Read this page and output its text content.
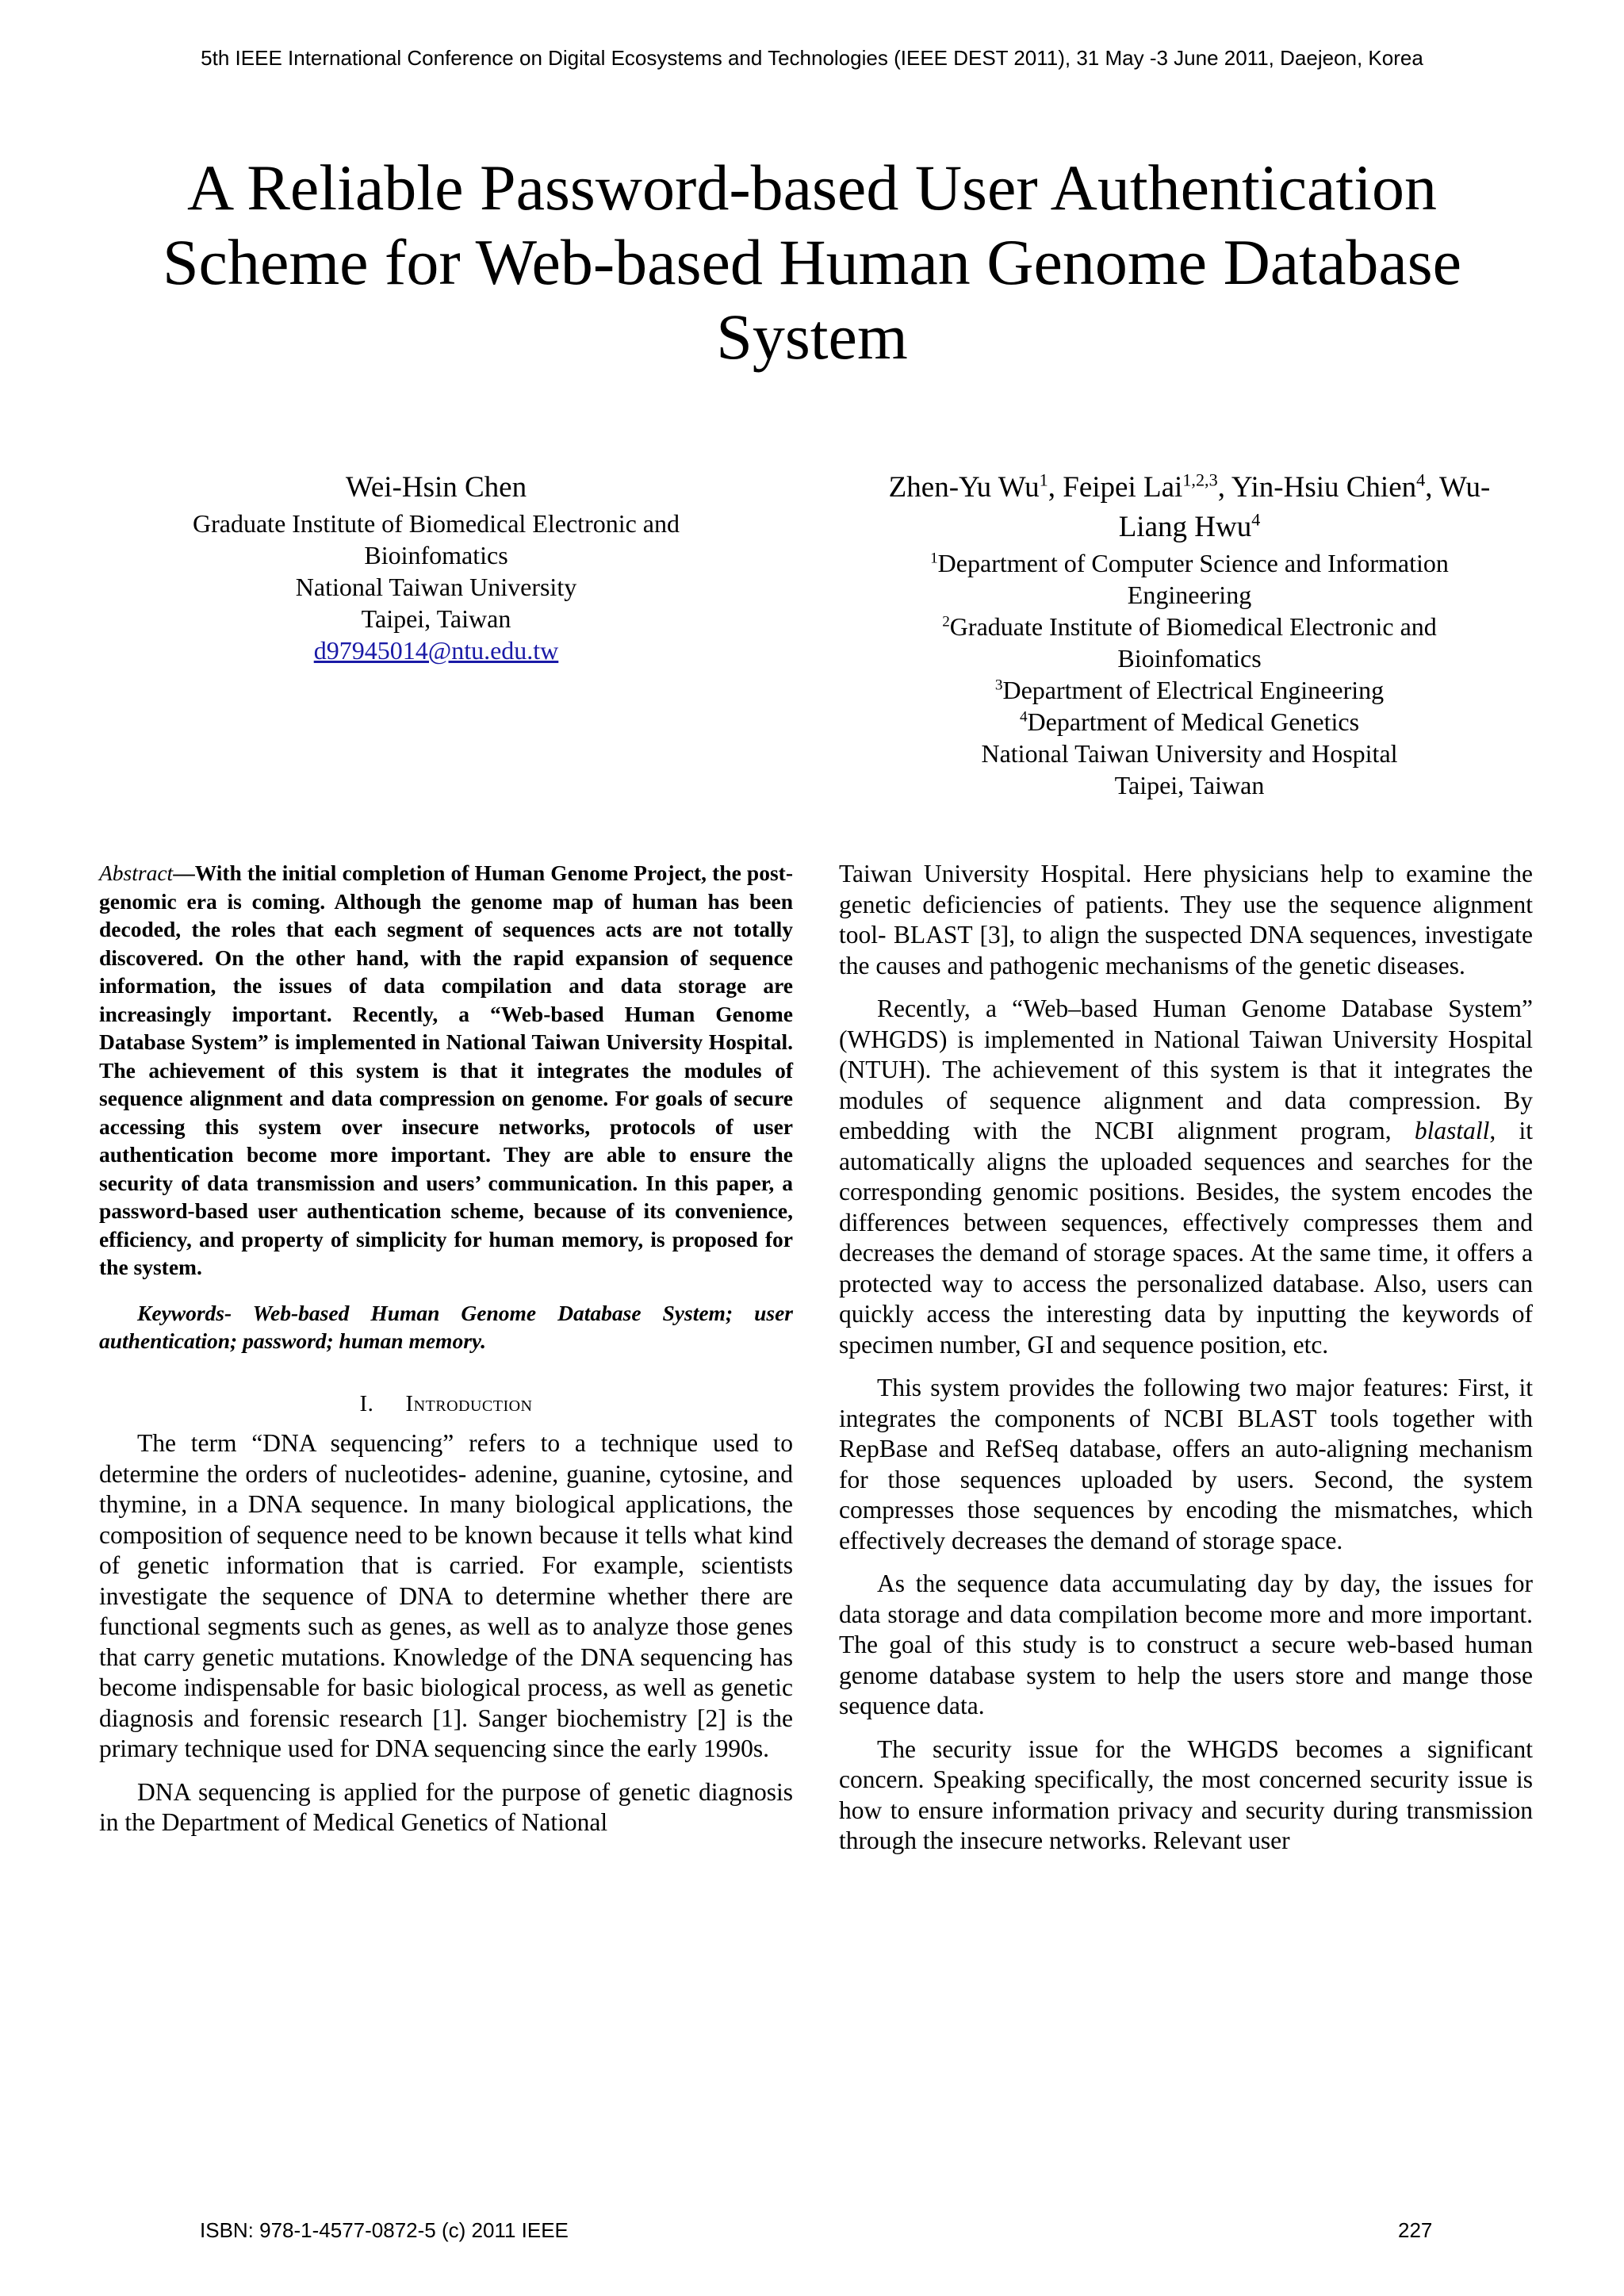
5th IEEE International Conference on Digital Ecosystems and Technologies (IEEE DEST 2011), 31 May -3 June 2011, Daejeon, Korea
A Reliable Password-based User Authentication
Scheme for Web-based Human Genome Database
System
Wei-Hsin Chen
Graduate Institute of Biomedical Electronic and
Bioinfomatics
National Taiwan University
Taipei, Taiwan
d97945014@ntu.edu.tw
Zhen-Yu Wu$^1$, Feipei Lai$^{1,2,3}$, Yin-Hsiu Chien$^4$, Wu-
Liang Hwu$^4$
$^1$Department of Computer Science and Information
Engineering
$^2$Graduate Institute of Biomedical Electronic and
Bioinfomatics
$^3$Department of Electrical Engineering
$^4$Department of Medical Genetics
National Taiwan University and Hospital
Taipei, Taiwan

Abstract—With the initial completion of Human Genome Project, the post-genomic era is coming. Although the genome map of human has been decoded, the roles that each segment of sequences acts are not totally discovered. On the other hand, with the rapid expansion of sequence information, the issues of data compilation and data storage are increasingly important. Recently, a “Web-based Human Genome Database System” is implemented in National Taiwan University Hospital. The achievement of this system is that it integrates the modules of sequence alignment and data compression on genome. For goals of secure accessing this system over insecure networks, protocols of user authentication become more important. They are able to ensure the security of data transmission and users’ communication. In this paper, a password-based user authentication scheme, because of its convenience, efficiency, and property of simplicity for human memory, is proposed for the system.

Keywords- Web-based Human Genome Database System; user authentication; password; human memory.

I. Introduction

The term “DNA sequencing” refers to a technique used to determine the orders of nucleotides- adenine, guanine, cytosine, and thymine, in a DNA sequence. In many biological applications, the composition of sequence need to be known because it tells what kind of genetic information that is carried. For example, scientists investigate the sequence of DNA to determine whether there are functional segments such as genes, as well as to analyze those genes that carry genetic mutations. Knowledge of the DNA sequencing has become indispensable for basic biological process, as well as genetic diagnosis and forensic research [1]. Sanger biochemistry [2] is the primary technique used for DNA sequencing since the early 1990s.

DNA sequencing is applied for the purpose of genetic diagnosis in the Department of Medical Genetics of National

Taiwan University Hospital. Here physicians help to examine the genetic deficiencies of patients. They use the sequence alignment tool- BLAST [3], to align the suspected DNA sequences, investigate the causes and pathogenic mechanisms of the genetic diseases.

Recently, a “Web–based Human Genome Database System” (WHGDS) is implemented in National Taiwan University Hospital (NTUH). The achievement of this system is that it integrates the modules of sequence alignment and data compression. By embedding with the NCBI alignment program, blastall, it automatically aligns the uploaded sequences and searches for the corresponding genomic positions. Besides, the system encodes the differences between sequences, effectively compresses them and decreases the demand of storage spaces. At the same time, it offers a protected way to access the personalized database. Also, users can quickly access the interesting data by inputting the keywords of specimen number, GI and sequence position, etc.

This system provides the following two major features: First, it integrates the components of NCBI BLAST tools together with RepBase and RefSeq database, offers an auto-aligning mechanism for those sequences uploaded by users. Second, the system compresses those sequences by encoding the mismatches, which effectively decreases the demand of storage space.

As the sequence data accumulating day by day, the issues for data storage and data compilation become more and more important. The goal of this study is to construct a secure web-based human genome database system to help the users store and mange those sequence data.

The security issue for the WHGDS becomes a significant concern. Speaking specifically, the most concerned security issue is how to ensure information privacy and security during transmission through the insecure networks. Relevant user

ISBN: 978-1-4577-0872-5 (c) 2011 IEEE	227
